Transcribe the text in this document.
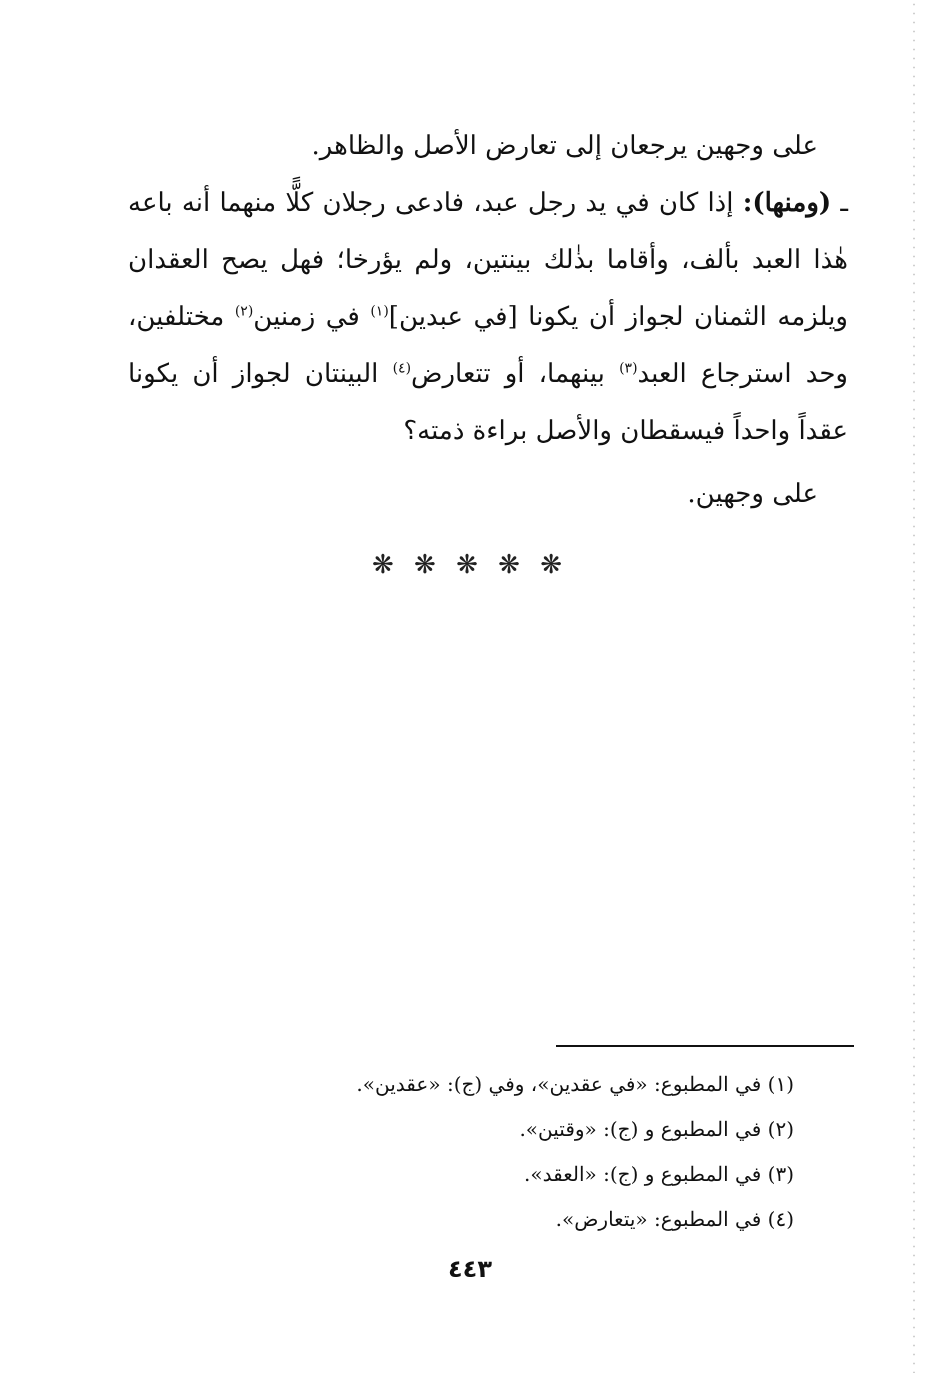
على وجهين يرجعان إلى تعارض الأصل والظاهر.

ـ (ومنها): إذا كان في يد رجل عبد، فادعى رجلان كلًّا منهما أنه باعه هٰذا العبد بألف، وأقاما بذٰلك بينتين، ولم يؤرخا؛ فهل يصح العقدان ويلزمه الثمنان لجواز أن يكونا [في عبدين]$^{(١)}$ في زمنين$^{(٢)}$ مختلفين، وحد استرجاع العبد$^{(٣)}$ بينهما، أو تتعارض$^{(٤)}$ البينتان لجواز أن يكونا عقداً واحداً فيسقطان والأصل براءة ذمته؟

على وجهين.

❋ ❋ ❋ ❋ ❋
(١) في المطبوع: «في عقدين»، وفي (ج): «عقدين».
(٢) في المطبوع و (ج): «وقتين».
(٣) في المطبوع و (ج): «العقد».
(٤) في المطبوع: «يتعارض».
٤٤٣
